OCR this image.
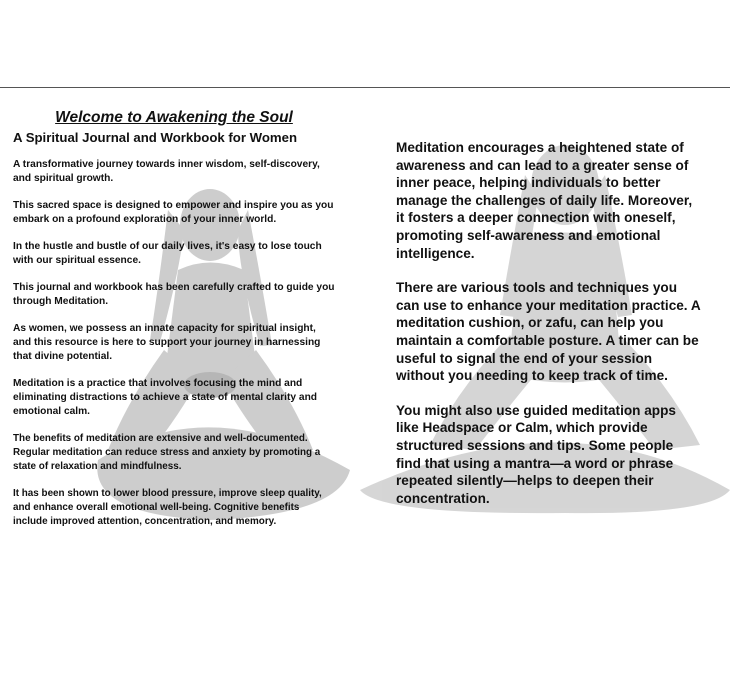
Welcome to Awakening the Soul
A Spiritual Journal and Workbook for Women

A transformative journey towards inner wisdom, self-discovery, and spiritual growth.

This sacred space is designed to empower and inspire you as you embark on a profound exploration of your inner world.

In the hustle and bustle of our daily lives, it's easy to lose touch with our spiritual essence.

This journal and workbook has been carefully crafted to guide you through Meditation.

As women, we possess an innate capacity for spiritual insight, and this resource is here to support your journey in harnessing that divine potential.

Meditation is a practice that involves focusing the mind and eliminating distractions to achieve a state of mental clarity and emotional calm.

The benefits of meditation are extensive and well-documented. Regular meditation can reduce stress and anxiety by promoting a state of relaxation and mindfulness.

It has been shown to lower blood pressure, improve sleep quality, and enhance overall emotional well-being. Cognitive benefits include improved attention, concentration, and memory.

Meditation encourages a heightened state of awareness and can lead to a greater sense of inner peace, helping individuals to better manage the challenges of daily life. Moreover, it fosters a deeper connection with oneself, promoting self-awareness and emotional intelligence.

There are various tools and techniques you can use to enhance your meditation practice. A meditation cushion, or zafu, can help you maintain a comfortable posture. A timer can be useful to signal the end of your session without you needing to keep track of time.

You might also use guided meditation apps like Headspace or Calm, which provide structured sessions and tips. Some people find that using a mantra—a word or phrase repeated silently—helps to deepen their concentration.
